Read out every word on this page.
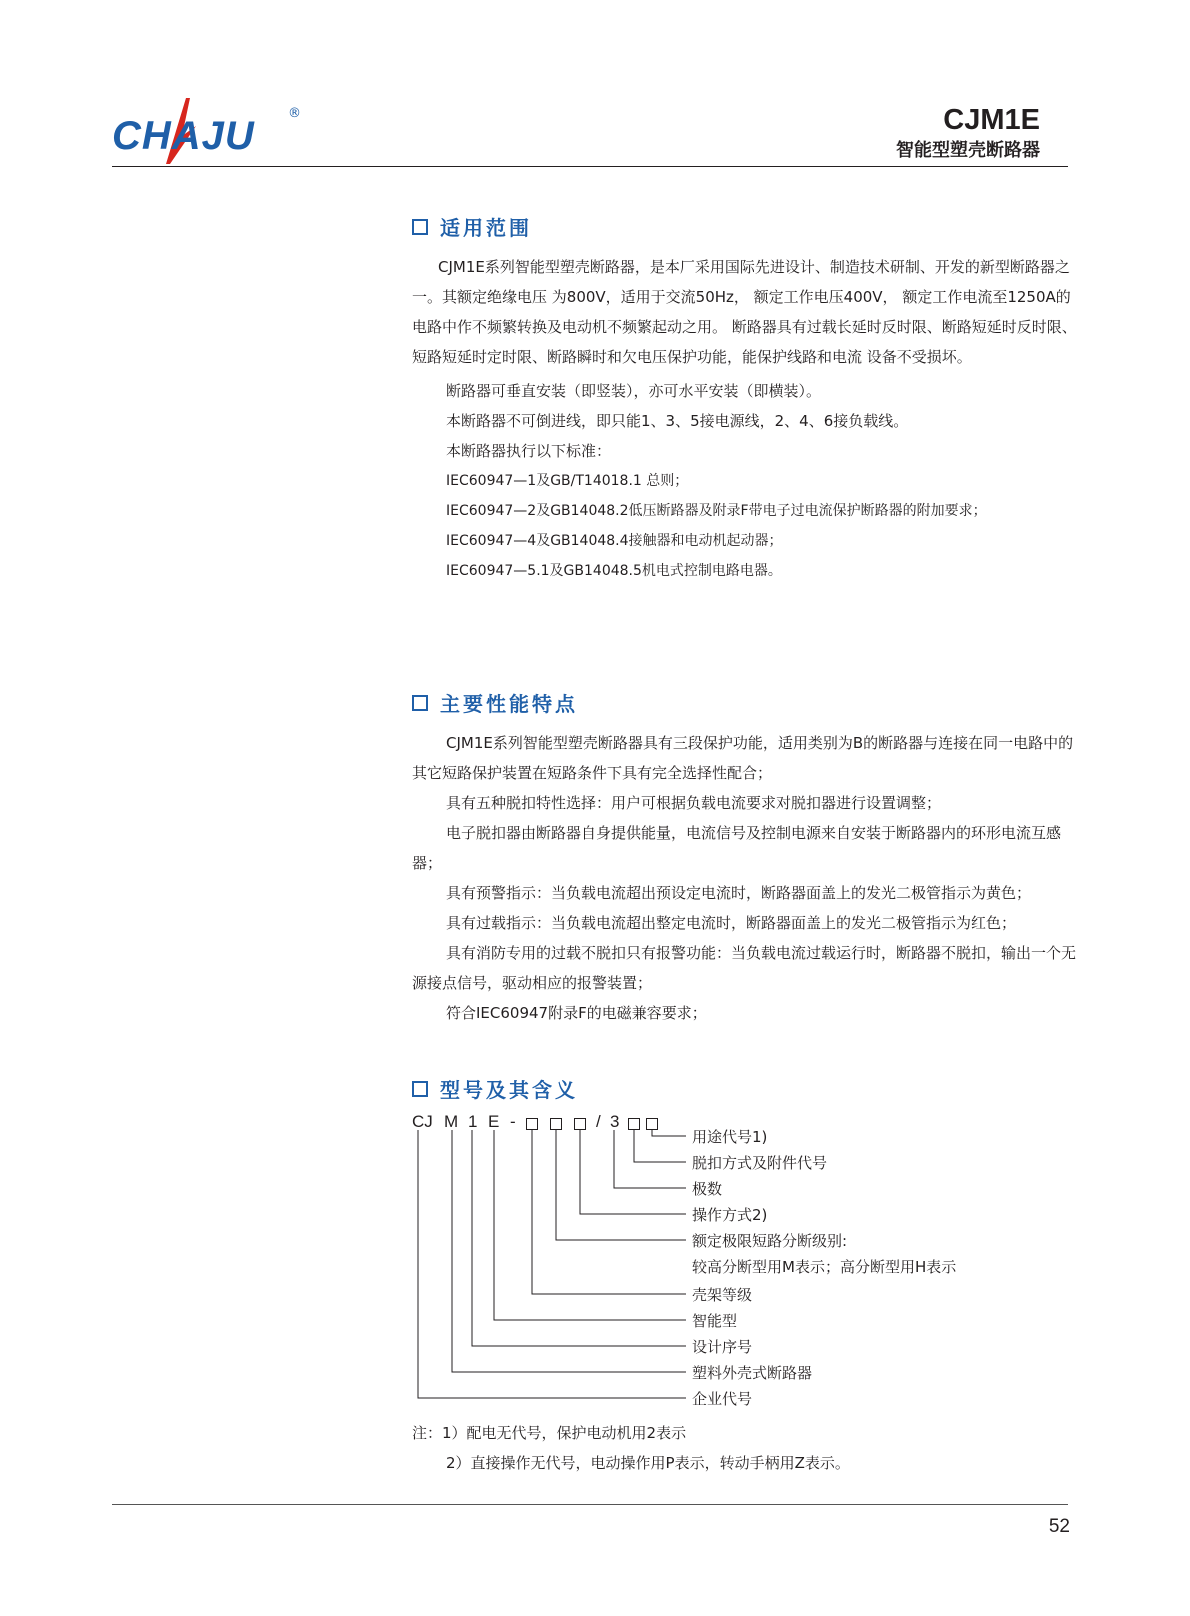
CHAJU
®	CJM1E
智能型塑壳断路器
适用范围

CJM1E系列智能型塑壳断路器，是本厂采用国际先进设计、制造技术研制、开发的新型断路器之一。其额定绝缘电压 为800V，适用于交流50Hz， 额定工作电压400V， 额定工作电流至1250A的电路中作不频繁转换及电动机不频繁起动之用。 断路器具有过载长延时反时限、断路短延时反时限、短路短延时定时限、断路瞬时和欠电压保护功能，能保护线路和电流 设备不受损坏。

断路器可垂直安装（即竖装），亦可水平安装（即横装）。

本断路器不可倒进线，即只能1、3、5接电源线，2、4、6接负载线。

本断路器执行以下标准：

IEC60947—1及GB/T14018.1 总则；

IEC60947—2及GB14048.2低压断路器及附录F带电子过电流保护断路器的附加要求；

IEC60947—4及GB14048.4接触器和电动机起动器；

IEC60947—5.1及GB14048.5机电式控制电路电器。

主要性能特点

CJM1E系列智能型塑壳断路器具有三段保护功能，适用类别为B的断路器与连接在同一电路中的其它短路保护装置在短路条件下具有完全选择性配合；

具有五种脱扣特性选择：用户可根据负载电流要求对脱扣器进行设置调整；

电子脱扣器由断路器自身提供能量，电流信号及控制电源来自安装于断路器内的环形电流互感器；

具有预警指示：当负载电流超出预设定电流时，断路器面盖上的发光二极管指示为黄色；

具有过载指示：当负载电流超出整定电流时，断路器面盖上的发光二极管指示为红色；

具有消防专用的过载不脱扣只有报警功能：当负载电流过载运行时，断路器不脱扣，输出一个无源接点信号，驱动相应的报警装置；

符合IEC60947附录F的电磁兼容要求；

型号及其含义
CJ M 1 E -	/ 3
用途代号1)
脱扣方式及附件代号
极数
操作方式2)
额定极限短路分断级别:
较高分断型用M表示；高分断型用H表示
壳架等级
智能型
设计序号
塑料外壳式断路器
企业代号
注：1）配电无代号，保护电动机用2表示
2）直接操作无代号，电动操作用P表示，转动手柄用Z表示。
52
